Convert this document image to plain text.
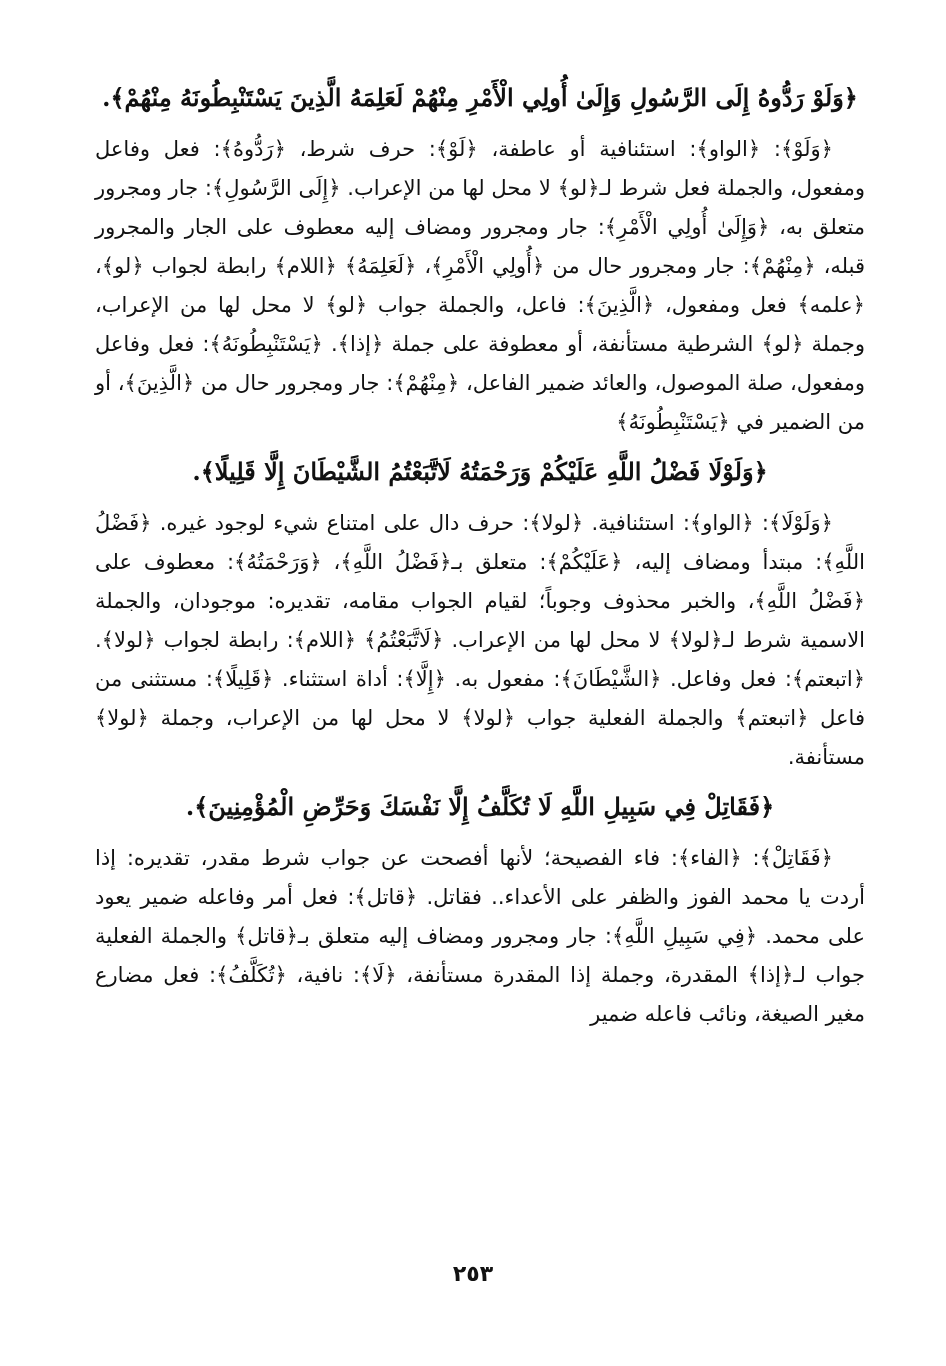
﴿وَلَوْ رَدُّوهُ إِلَى الرَّسُولِ وَإِلَىٰ أُولِي الْأَمْرِ مِنْهُمْ لَعَلِمَهُ الَّذِينَ يَسْتَنْبِطُونَهُ مِنْهُمْ﴾.

﴿وَلَوْ﴾: ﴿الواو﴾: استئنافية أو عاطفة، ﴿لَوْ﴾: حرف شرط، ﴿رَدُّوهُ﴾: فعل وفاعل ومفعول، والجملة فعل شرط لـ﴿لو﴾ لا محل لها من الإعراب. ﴿إِلَى الرَّسُولِ﴾: جار ومجرور متعلق به، ﴿وَإِلَىٰ أُولِي الْأَمْرِ﴾: جار ومجرور ومضاف إليه معطوف على الجار والمجرور قبله، ﴿مِنْهُمْ﴾: جار ومجرور حال من ﴿أُولِي الْأَمْرِ﴾، ﴿لَعَلِمَهُ﴾ ﴿اللام﴾ رابطة لجواب ﴿لو﴾، ﴿علمه﴾ فعل ومفعول، ﴿الَّذِينَ﴾: فاعل، والجملة جواب ﴿لو﴾ لا محل لها من الإعراب، وجملة ﴿لو﴾ الشرطية مستأنفة، أو معطوفة على جملة ﴿إذا﴾. ﴿يَسْتَنْبِطُونَهُ﴾: فعل وفاعل ومفعول، صلة الموصول، والعائد ضمير الفاعل، ﴿مِنْهُمْ﴾: جار ومجرور حال من ﴿الَّذِينَ﴾، أو من الضمير في ﴿يَسْتَنْبِطُونَهُ﴾

﴿وَلَوْلَا فَضْلُ اللَّهِ عَلَيْكُمْ وَرَحْمَتُهُ لَاتَّبَعْتُمُ الشَّيْطَانَ إِلَّا قَلِيلًا﴾.

﴿وَلَوْلَا﴾: ﴿الواو﴾: استئنافية. ﴿لولا﴾: حرف دال على امتناع شيء لوجود غيره. ﴿فَضْلُ اللَّهِ﴾: مبتدأ ومضاف إليه، ﴿عَلَيْكُمْ﴾: متعلق بـ﴿فَضْلُ اللَّهِ﴾، ﴿وَرَحْمَتُهُ﴾: معطوف على ﴿فَضْلُ اللَّهِ﴾، والخبر محذوف وجوباً؛ لقيام الجواب مقامه، تقديره: موجودان، والجملة الاسمية شرط لـ﴿لولا﴾ لا محل لها من الإعراب. ﴿لَاتَّبَعْتُمُ﴾ ﴿اللام﴾: رابطة لجواب ﴿لولا﴾. ﴿اتبعتم﴾: فعل وفاعل. ﴿الشَّيْطَانَ﴾: مفعول به. ﴿إِلَّا﴾: أداة استثناء. ﴿قَلِيلًا﴾: مستثنى من فاعل ﴿اتبعتم﴾ والجملة الفعلية جواب ﴿لولا﴾ لا محل لها من الإعراب، وجملة ﴿لولا﴾ مستأنفة.

﴿فَقَاتِلْ فِي سَبِيلِ اللَّهِ لَا تُكَلَّفُ إِلَّا نَفْسَكَ وَحَرِّضِ الْمُؤْمِنِينَ﴾.

﴿فَقَاتِلْ﴾: ﴿الفاء﴾: فاء الفصيحة؛ لأنها أفصحت عن جواب شرط مقدر، تقديره: إذا أردت يا محمد الفوز والظفر على الأعداء.. فقاتل. ﴿قاتل﴾: فعل أمر وفاعله ضمير يعود على محمد. ﴿فِي سَبِيلِ اللَّهِ﴾: جار ومجرور ومضاف إليه متعلق بـ﴿قاتل﴾ والجملة الفعلية جواب لـ﴿إذا﴾ المقدرة، وجملة إذا المقدرة مستأنفة، ﴿لَا﴾: نافية، ﴿تُكَلَّفُ﴾: فعل مضارع مغير الصيغة، ونائب فاعله ضمير

٢٥٣
